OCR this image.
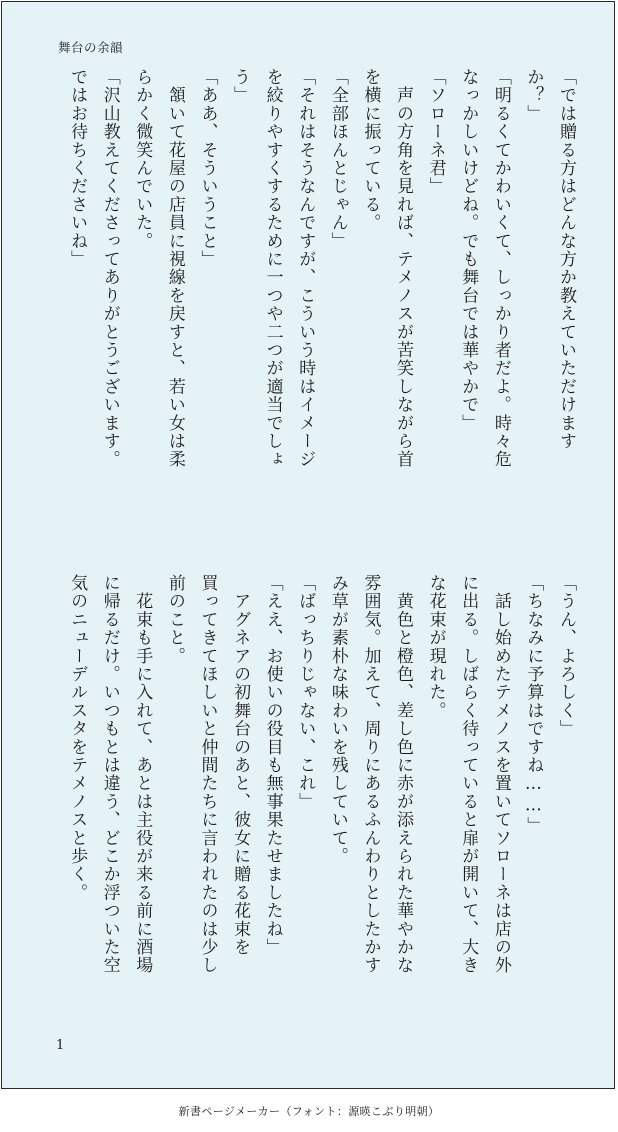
舞台の余韻
「では贈る方はどんな方か教えていただけます
か？」
「明るくてかわいくて、しっかり者だよ。時々危
なっかしいけどね。でも舞台では華やかで」
「ソローネ君」
　声の方角を見れば、テメノスが苦笑しながら首
を横に振っている。
「全部ほんとじゃん」
「それはそうなんですが、こういう時はイメージ
を絞りやすくするために一つや二つが適当でしょ
う」
「ああ、そういうこと」
　頷いて花屋の店員に視線を戻すと、若い女は柔
らかく微笑んでいた。
「沢山教えてくださってありがとうございます。
ではお待ちくださいね」
「うん、よろしく」
「ちなみに予算はですね……」
　話し始めたテメノスを置いてソローネは店の外
に出る。しばらく待っていると扉が開いて、大き
な花束が現れた。
　黄色と橙色、差し色に赤が添えられた華やかな
雰囲気。加えて、周りにあるふんわりとしたかす
み草が素朴な味わいを残していて。
「ばっちりじゃない、これ」
「ええ、お使いの役目も無事果たせましたね」
　アグネアの初舞台のあと、彼女に贈る花束を
買ってきてほしいと仲間たちに言われたのは少し
前のこと。
　花束も手に入れて、あとは主役が来る前に酒場
に帰るだけ。いつもとは違う、どこか浮ついた空
気のニューデルスタをテメノスと歩く。
1
新書ページメーカー（フォント：源暎こぶり明朝）
